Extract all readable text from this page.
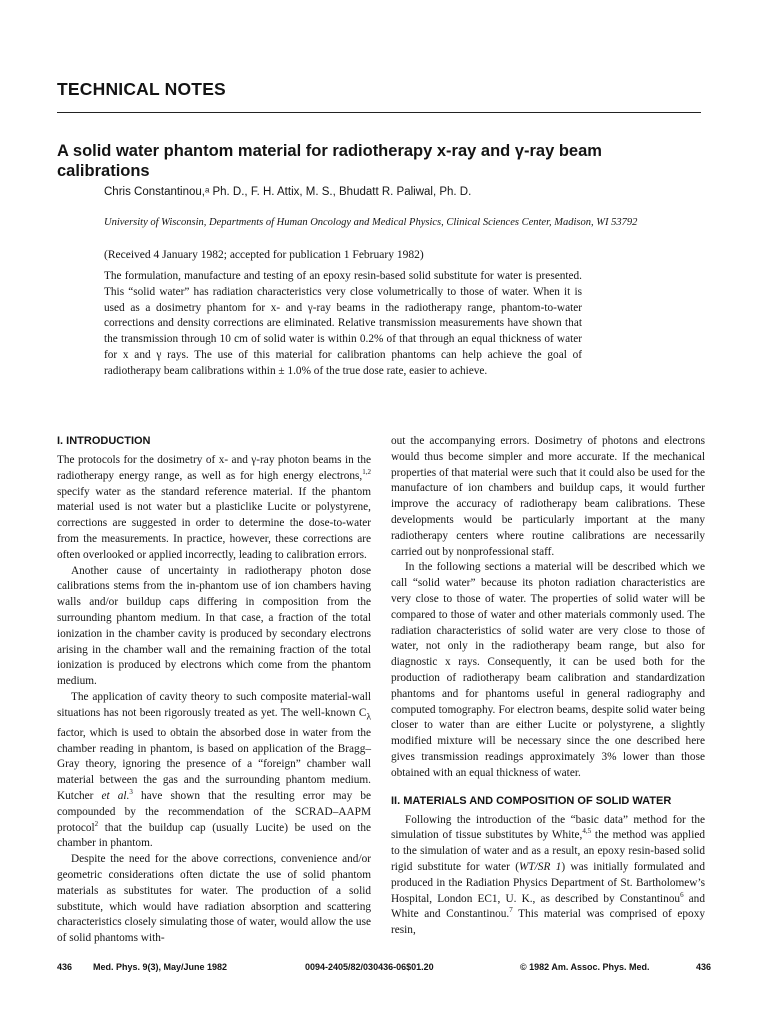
TECHNICAL NOTES
A solid water phantom material for radiotherapy x-ray and γ-ray beam calibrations
Chris Constantinou,ᵃ Ph. D., F. H. Attix, M. S., Bhudatt R. Paliwal, Ph. D.
University of Wisconsin, Departments of Human Oncology and Medical Physics, Clinical Sciences Center, Madison, WI 53792
(Received 4 January 1982; accepted for publication 1 February 1982)
The formulation, manufacture and testing of an epoxy resin-based solid substitute for water is presented. This “solid water” has radiation characteristics very close volumetrically to those of water. When it is used as a dosimetry phantom for x- and γ-ray beams in the radiotherapy range, phantom-to-water corrections and density corrections are eliminated. Relative transmission measurements have shown that the transmission through 10 cm of solid water is within 0.2% of that through an equal thickness of water for x and γ rays. The use of this material for calibration phantoms can help achieve the goal of radiotherapy beam calibrations within ± 1.0% of the true dose rate, easier to achieve.
I. INTRODUCTION

The protocols for the dosimetry of x- and γ-ray photon beams in the radiotherapy energy range, as well as for high energy electrons,$^{1,2}$ specify water as the standard reference material. If the phantom material used is not water but a plasticlike Lucite or polystyrene, corrections are suggested in order to determine the dose-to-water from the measurements. In practice, however, these corrections are often overlooked or applied incorrectly, leading to calibration errors.

Another cause of uncertainty in radiotherapy photon dose calibrations stems from the in-phantom use of ion chambers having walls and/or buildup caps differing in composition from the surrounding phantom medium. In that case, a fraction of the total ionization in the chamber cavity is produced by secondary electrons arising in the chamber wall and the remaining fraction of the total ionization is produced by electrons which come from the phantom medium.

The application of cavity theory to such composite material-wall situations has not been rigorously treated as yet. The well-known $C_\lambda$ factor, which is used to obtain the absorbed dose in water from the chamber reading in phantom, is based on application of the Bragg–Gray theory, ignoring the presence of a “foreign” chamber wall material between the gas and the surrounding phantom medium. Kutcher et al.$^3$ have shown that the resulting error may be compounded by the recommendation of the SCRAD–AAPM protocol$^2$ that the buildup cap (usually Lucite) be used on the chamber in phantom.

Despite the need for the above corrections, convenience and/or geometric considerations often dictate the use of solid phantom materials as substitutes for water. The production of a solid substitute, which would have radiation absorption and scattering characteristics closely simulating those of water, would allow the use of solid phantoms with-

out the accompanying errors. Dosimetry of photons and electrons would thus become simpler and more accurate. If the mechanical properties of that material were such that it could also be used for the manufacture of ion chambers and buildup caps, it would further improve the accuracy of radiotherapy beam calibrations. These developments would be particularly important at the many radiotherapy centers where routine calibrations are necessarily carried out by nonprofessional staff.

In the following sections a material will be described which we call “solid water” because its photon radiation characteristics are very close to those of water. The properties of solid water will be compared to those of water and other materials commonly used. The radiation characteristics of solid water are very close to those of water, not only in the radiotherapy beam range, but also for diagnostic x rays. Consequently, it can be used both for the production of radiotherapy beam calibration and standardization phantoms and for phantoms useful in general radiography and computed tomography. For electron beams, despite solid water being closer to water than are either Lucite or polystyrene, a slightly modified mixture will be necessary since the one described here gives transmission readings approximately 3% lower than those obtained with an equal thickness of water.

II. MATERIALS AND COMPOSITION OF SOLID WATER

Following the introduction of the “basic data” method for the simulation of tissue substitutes by White,$^{4,5}$ the method was applied to the simulation of water and as a result, an epoxy resin-based solid rigid substitute for water (WT/SR 1) was initially formulated and produced in the Radiation Physics Department of St. Bartholomew’s Hospital, London EC1, U. K., as described by Constantinou$^6$ and White and Constantinou.$^7$ This material was comprised of epoxy resin,

436 Med. Phys. 9(3), May/June 1982	0094-2405/82/030436-06$01.20	© 1982 Am. Assoc. Phys. Med.	436
